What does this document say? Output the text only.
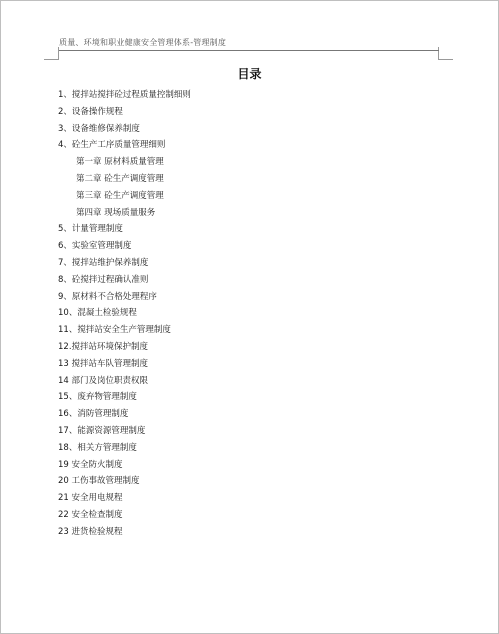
质量、环境和职业健康安全管理体系-管理制度
目录
1、搅拌站搅拌砼过程质量控制细则
2、设备操作规程
3、设备维修保养制度
4、砼生产工序质量管理细则
第一章 原材料质量管理
第二章 砼生产调度管理
第三章 砼生产调度管理
第四章 现场质量服务
5、计量管理制度
6、实验室管理制度
7、搅拌站维护保养制度
8、砼搅拌过程确认准则
9、原材料不合格处理程序
10、混凝土检验规程
11、搅拌站安全生产管理制度
12.搅拌站环境保护制度
13 搅拌站车队管理制度
14 部门及岗位职责权限
15、废弃物管理制度
16、消防管理制度
17、能源资源管理制度
18、相关方管理制度
19 安全防火制度
20 工伤事故管理制度
21 安全用电规程
22 安全检查制度
23 进货检验规程
